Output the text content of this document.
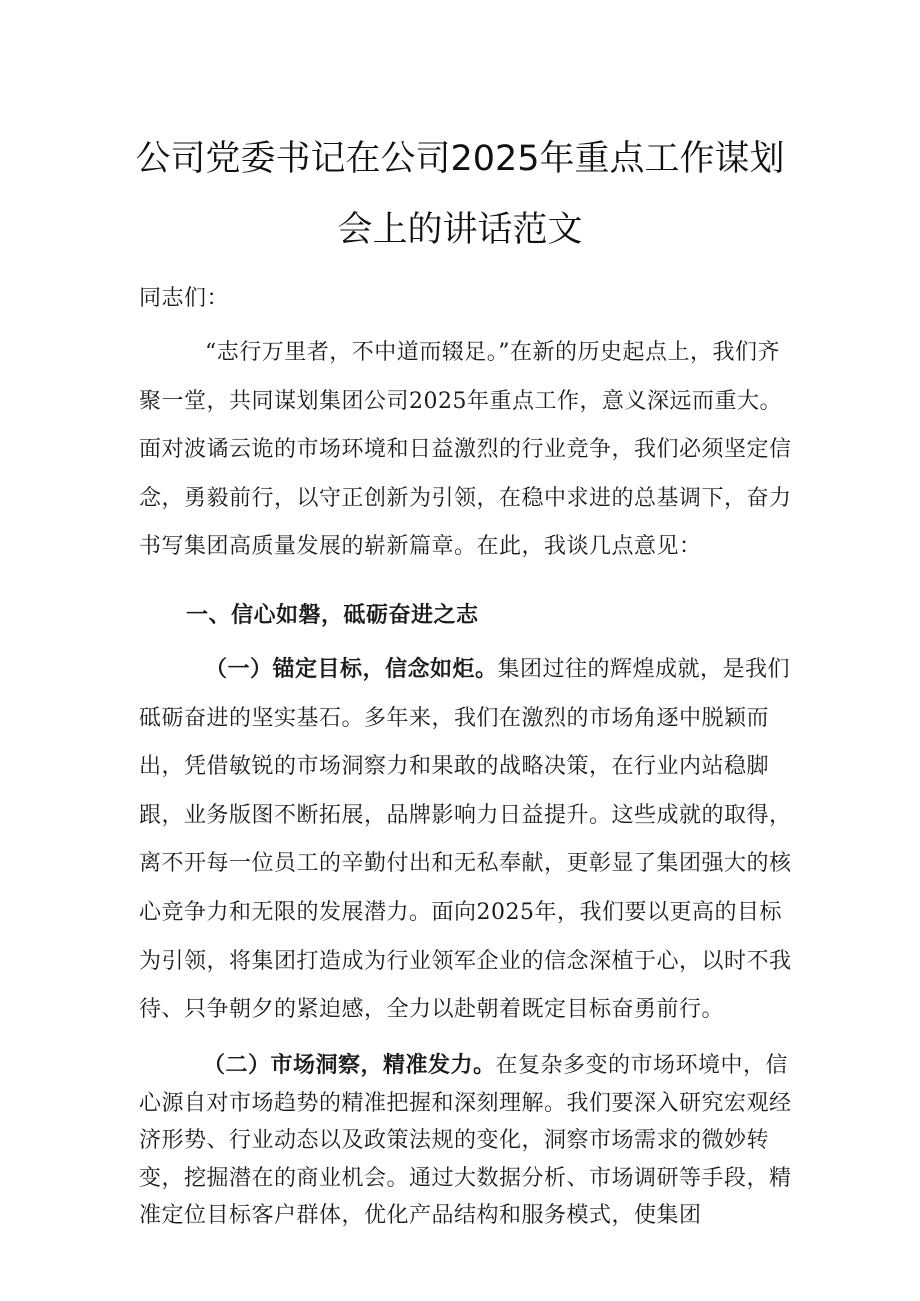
公司党委书记在公司2025年重点工作谋划
会上的讲话范文

同志们：

“志行万里者，不中道而辍足。”在新的历史起点上，我们齐聚一堂，共同谋划集团公司2025年重点工作，意义深远而重大。面对波谲云诡的市场环境和日益激烈的行业竞争，我们必须坚定信念，勇毅前行，以守正创新为引领，在稳中求进的总基调下，奋力书写集团高质量发展的崭新篇章。在此，我谈几点意见：

一、信心如磐，砥砺奋进之志

（一）锚定目标，信念如炬。集团过往的辉煌成就，是我们砥砺奋进的坚实基石。多年来，我们在激烈的市场角逐中脱颖而出，凭借敏锐的市场洞察力和果敢的战略决策，在行业内站稳脚跟，业务版图不断拓展，品牌影响力日益提升。这些成就的取得，离不开每一位员工的辛勤付出和无私奉献，更彰显了集团强大的核心竞争力和无限的发展潜力。面向2025年，我们要以更高的目标为引领，将集团打造成为行业领军企业的信念深植于心，以时不我待、只争朝夕的紧迫感，全力以赴朝着既定目标奋勇前行。

（二）市场洞察，精准发力。在复杂多变的市场环境中，信心源自对市场趋势的精准把握和深刻理解。我们要深入研究宏观经济形势、行业动态以及政策法规的变化，洞察市场需求的微妙转变，挖掘潜在的商业机会。通过大数据分析、市场调研等手段，精准定位目标客户群体，优化产品结构和服务模式，使集团
